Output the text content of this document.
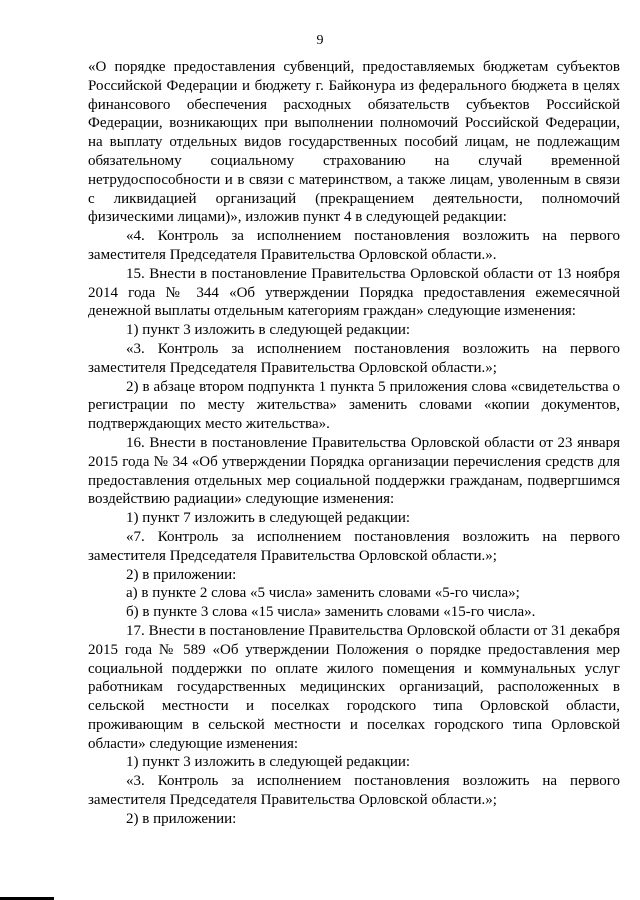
9

«О порядке предоставления субвенций, предоставляемых бюджетам субъектов Российской Федерации и бюджету г. Байконура из федерального бюджета в целях финансового обеспечения расходных обязательств субъектов Российской Федерации, возникающих при выполнении полномочий Российской Федерации, на выплату отдельных видов государственных пособий лицам, не подлежащим обязательному социальному страхованию на случай временной нетрудоспособности и в связи с материнством, а также лицам, уволенным в связи с ликвидацией организаций (прекращением деятельности, полномочий физическими лицами)», изложив пункт 4 в следующей редакции:

«4. Контроль за исполнением постановления возложить на первого заместителя Председателя Правительства Орловской области.».

15. Внести в постановление Правительства Орловской области от 13 ноября 2014 года № 344 «Об утверждении Порядка предоставления ежемесячной денежной выплаты отдельным категориям граждан» следующие изменения:

1) пункт 3 изложить в следующей редакции:

«3. Контроль за исполнением постановления возложить на первого заместителя Председателя Правительства Орловской области.»;

2) в абзаце втором подпункта 1 пункта 5 приложения слова «свидетельства о регистрации по месту жительства» заменить словами «копии документов, подтверждающих место жительства».

16. Внести в постановление Правительства Орловской области от 23 января 2015 года № 34 «Об утверждении Порядка организации перечисления средств для предоставления отдельных мер социальной поддержки гражданам, подвергшимся воздействию радиации» следующие изменения:

1) пункт 7 изложить в следующей редакции:

«7. Контроль за исполнением постановления возложить на первого заместителя Председателя Правительства Орловской области.»;

2) в приложении:

а) в пункте 2 слова «5 числа» заменить словами «5-го числа»;

б) в пункте 3 слова «15 числа» заменить словами «15-го числа».

17. Внести в постановление Правительства Орловской области от 31 декабря 2015 года № 589 «Об утверждении Положения о порядке предоставления мер социальной поддержки по оплате жилого помещения и коммунальных услуг работникам государственных медицинских организаций, расположенных в сельской местности и поселках городского типа Орловской области, проживающим в сельской местности и поселках городского типа Орловской области» следующие изменения:

1) пункт 3 изложить в следующей редакции:

«3. Контроль за исполнением постановления возложить на первого заместителя Председателя Правительства Орловской области.»;

2) в приложении:
